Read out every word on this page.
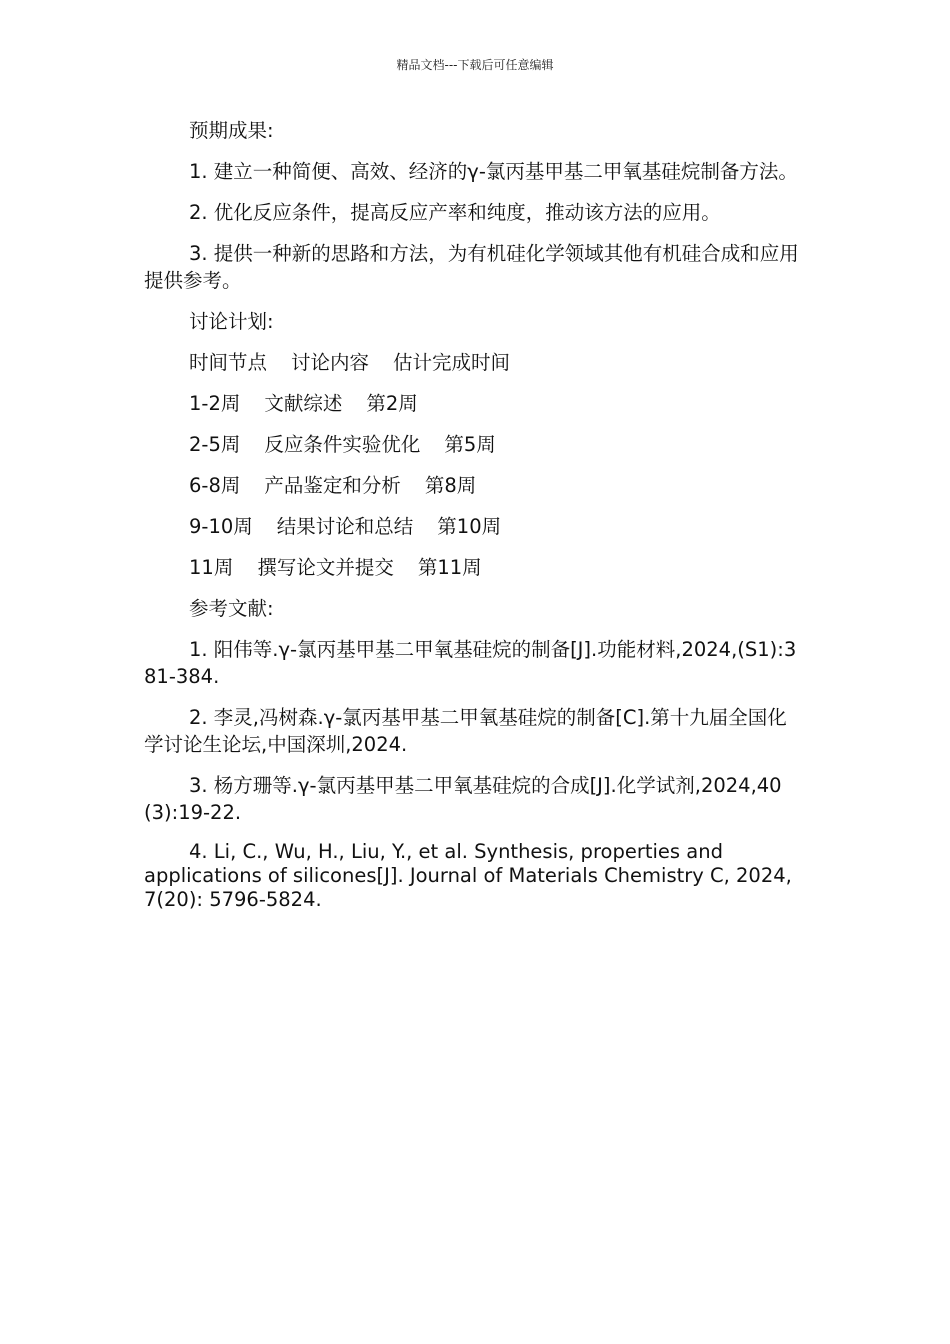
精品文档---下载后可任意编辑

预期成果:

1. 建立一种简便、高效、经济的γ-氯丙基甲基二甲氧基硅烷制备方法。

2. 优化反应条件，提高反应产率和纯度，推动该方法的应用。

3. 提供一种新的思路和方法，为有机硅化学领域其他有机硅合成和应用提供参考。

讨论计划:

时间节点 讨论内容 估计完成时间
1-2周 文献综述 第2周
2-5周 反应条件实验优化 第5周
6-8周 产品鉴定和分析 第8周
9-10周 结果讨论和总结 第10周
11周 撰写论文并提交 第11周

参考文献:

1. 阳伟等.γ-氯丙基甲基二甲氧基硅烷的制备[J].功能材料,2024,(S1):381-384.

2. 李灵,冯树森.γ-氯丙基甲基二甲氧基硅烷的制备[C].第十九届全国化学讨论生论坛,中国深圳,2024.

3. 杨方珊等.γ-氯丙基甲基二甲氧基硅烷的合成[J].化学试剂,2024,40(3):19-22.

4. Li, C., Wu, H., Liu, Y., et al. Synthesis, properties and applications of silicones[J]. Journal of Materials Chemistry C, 2024, 7(20): 5796-5824.
